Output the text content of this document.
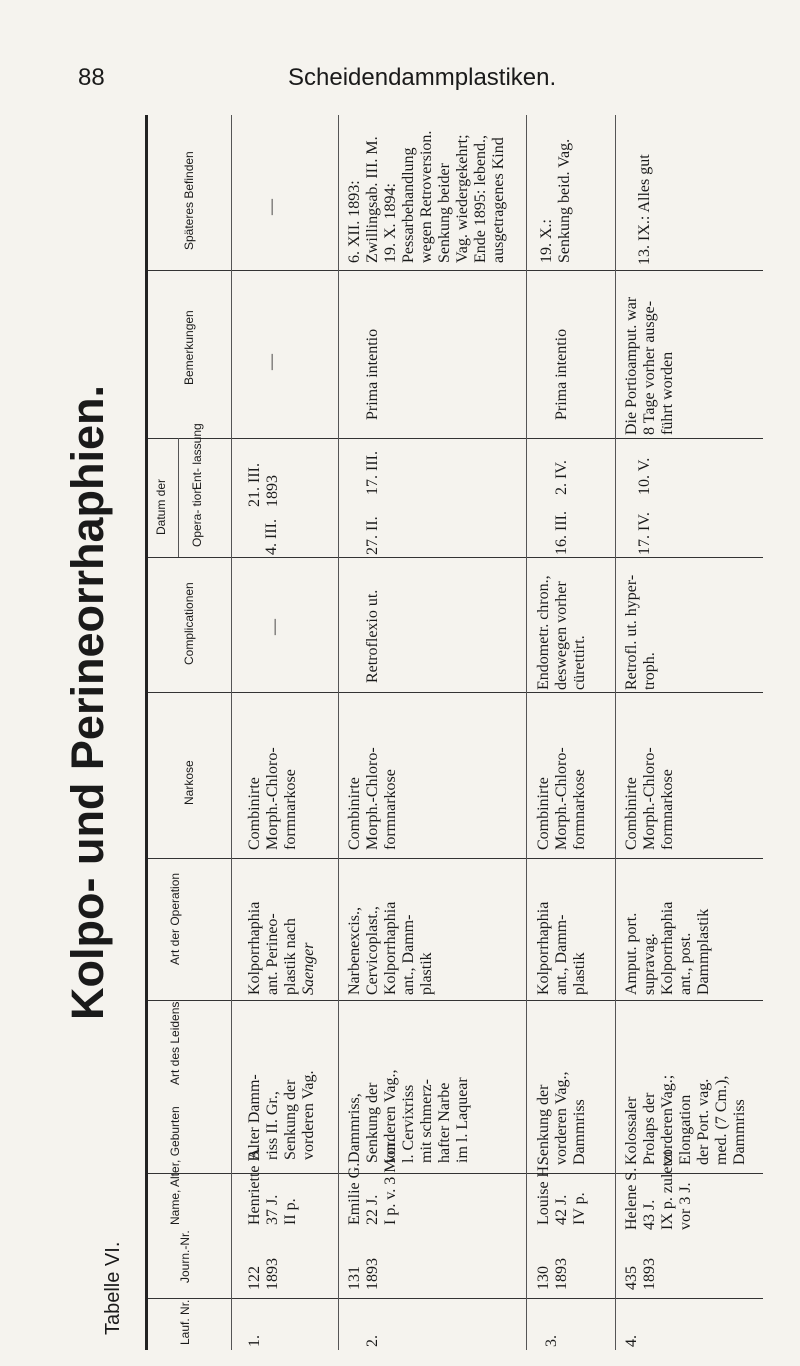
88	Scheidendammplastiken.
Kolpo- und Perineorrhaphien.
Tabelle VI.	Lauf. Nr.
Journ.-Nr.
Name, Alter, Geburten
Art des Leidens
Art der Operation
Narkose
Complicationen
Datum der Opera- tion
Ent- lassung
Bemerkungen
Späteres Befinden
1.
122 1893
Henriette B. 37 J. II p.
Alter Damm- riss II. Gr., Senkung der vorderen Vag.
Kolporrhaphia ant. Perineo- plastik nach Saenger
Combinirte Morph.-Chloro- formnarkose
—
4. III.
21. III. 1893
—
—
2.
131 1893
Emilie G. 22 J. I p. v. 3 Mon.
Dammriss, Senkung der vorderen Vag., l. Cervixriss mit schmerz- hafter Narbe im l. Laquear
Narbenexcis., Cervicoplast., Kolporrhaphia ant., Damm- plastik
Combinirte Morph.-Chloro- formnarkose
Retroflexio ut.
27. II.
17. III.
Prima intentio
6. XII. 1893: Zwillingsab. III. M. 19. X. 1894: Pessarbehandlung wegen Retroversion. Senkung beider Vag. wiedergekehrt; Ende 1895: lebend., ausgetragenes Kind
3.
130 1893
Louise H. 42 J. IV p.
Senkung der vorderen Vag., Dammriss
Kolporrhaphia ant., Damm- plastik
Combinirte Morph.-Chloro- formnarkose
Endometr. chron., deswegen vorher cürettirt.
16. III.
2. IV.
Prima intentio
19. X.: Senkung beid. Vag.
4.
435 1893
Helene S. 43 J. IX p. zuletzt vor 3 J.
Kolossaler Prolaps der vorderenVag.; Elongation der Port. vag. med. (7 Cm.), Dammriss
Amput. port. supravag. Kolporrhaphia ant., post. Dammplastik
Combinirte Morph.-Chloro- formnarkose
Retrofl. ut. hyper- troph.
17. IV.
10. V.
Die Portioamput. war 8 Tage vorher ausge- führt worden
13. IX.: Alles gut
